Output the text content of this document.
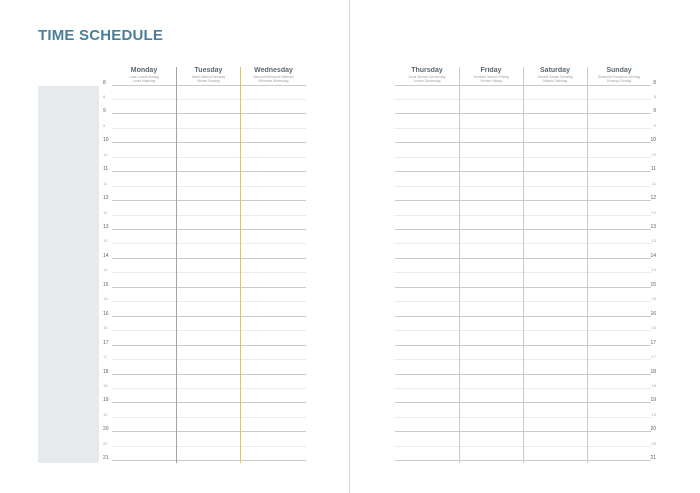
TIME SCHEDULE
Monday
Lundi Lunedi Montag
Lunes Maandag
Tuesday
Mardi Martedi Dienstag
Martes Dinsdag
Wednesday
Mercredi Mercoledì Mittwoch
Miércoles Woensdag
8
8
9
9
10
10
11
11
12
12
13
13
14
14
15
15
16
16
17
17
18
18
19
19
20
20
21
Thursday
Jeudi Giovedì Donnerstag
Jueves Donderdag
Friday
Vendredi Venerdì Freitag
Viernes Vrijdag
Saturday
Samedi Sabato Samstag
Sábado Zaterdag
Sunday
Dimanche Domenica Sonntag
Domingo Zondag	8
8
9
9
10
10
11
11
12
12
13
13
14
14
15
15
16
16
17
17
18
18
19
19
20
20
21
